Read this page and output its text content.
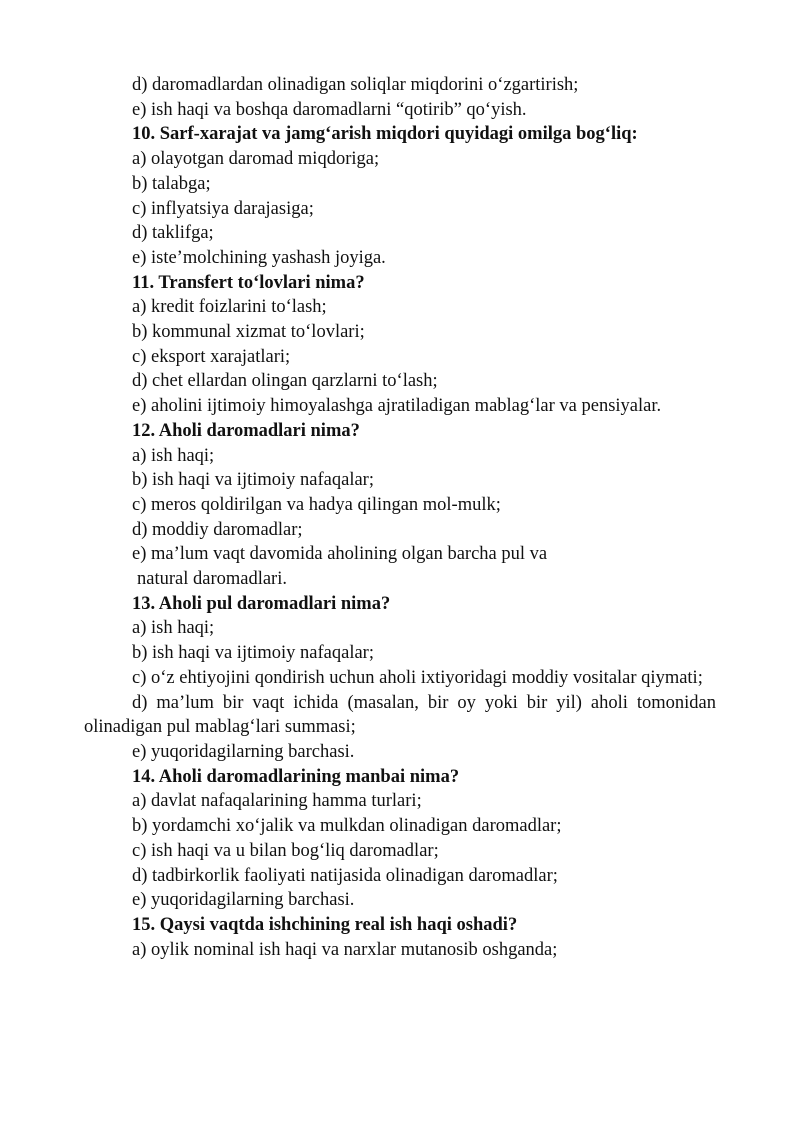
d) daromadlardan olinadigan soliqlar miqdorini o‘zgartirish;

e) ish haqi va boshqa daromadlarni “qotirib” qo‘yish.

10. Sarf-xarajat va jamg‘arish miqdori quyidagi omilga bog‘liq:

a) olayotgan daromad miqdoriga;

b) talabga;

c) inflyatsiya darajasiga;

d) taklifga;

e) iste’molchining yashash joyiga.

11. Transfert to‘lovlari nima?

a) kredit foizlarini to‘lash;

b) kommunal xizmat to‘lovlari;

c) eksport xarajatlari;

d) chet ellardan olingan qarzlarni to‘lash;

e) aholini ijtimoiy himoyalashga ajratiladigan mablag‘lar va pensiyalar.

12. Aholi daromadlari nima?

a) ish haqi;

b) ish haqi va ijtimoiy nafaqalar;

c) meros qoldirilgan va hadya qilingan mol-mulk;

d) moddiy daromadlar;

e) ma’lum vaqt davomida aholining olgan barcha pul va

natural daromadlari.

13. Aholi pul daromadlari nima?

a) ish haqi;

b) ish haqi va ijtimoiy nafaqalar;

c) o‘z ehtiyojini qondirish uchun aholi ixtiyoridagi moddiy vositalar qiymati;

d) ma’lum bir vaqt ichida (masalan, bir oy yoki bir yil) aholi tomonidan olinadigan pul mablag‘lari summasi;

e) yuqoridagilarning barchasi.

14. Aholi daromadlarining manbai nima?

a) davlat nafaqalarining hamma turlari;

b) yordamchi xo‘jalik va mulkdan olinadigan daromadlar;

c) ish haqi va u bilan bog‘liq daromadlar;

d) tadbirkorlik faoliyati natijasida olinadigan daromadlar;

e) yuqoridagilarning barchasi.

15. Qaysi vaqtda ishchining real ish haqi oshadi?

a) oylik nominal ish haqi va narxlar mutanosib oshganda;
